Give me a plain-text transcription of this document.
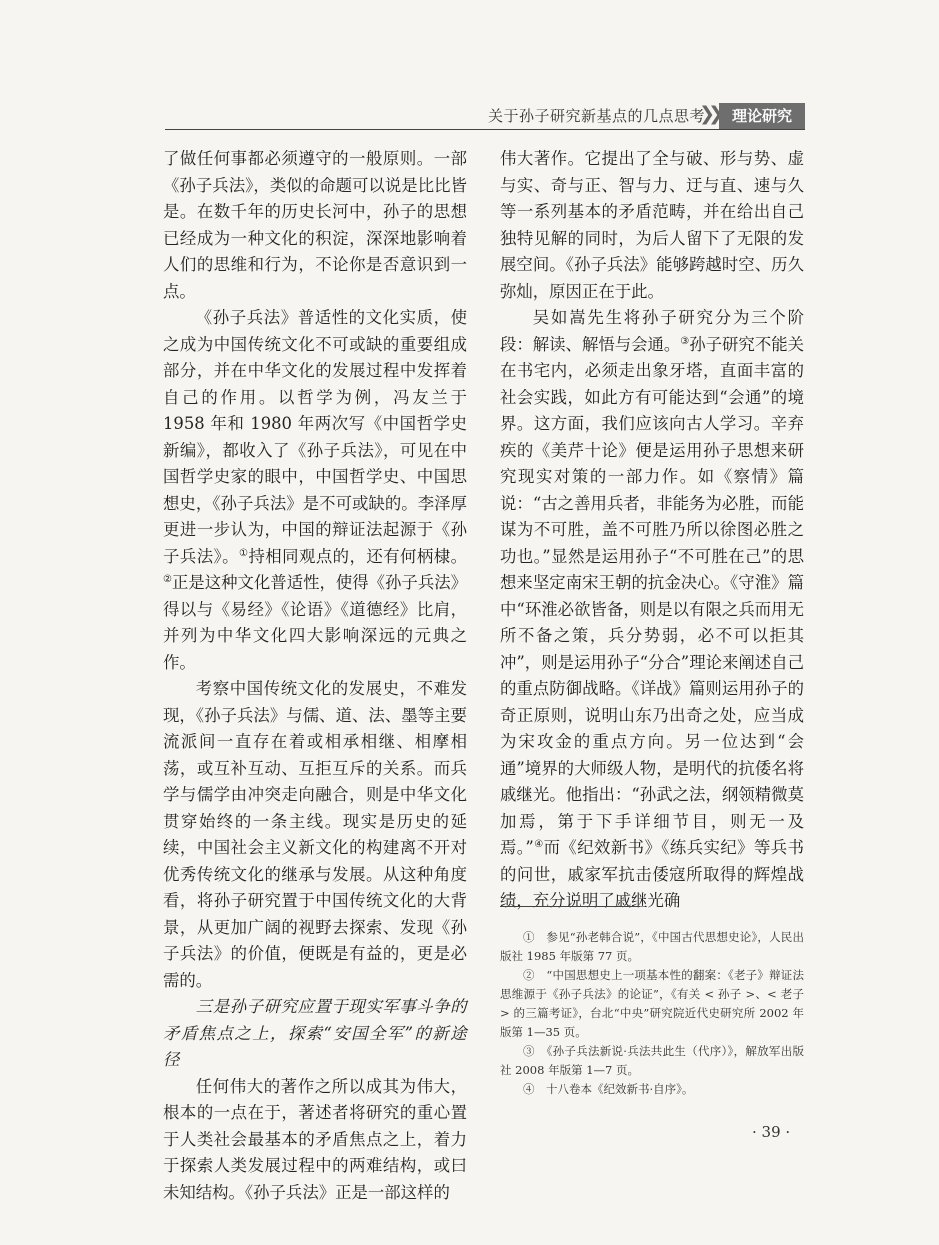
关于孙子研究新基点的几点思考
❯❯ 理论研究

了做任何事都必须遵守的一般原则。一部《孙子兵法》，类似的命题可以说是比比皆是。在数千年的历史长河中，孙子的思想已经成为一种文化的积淀，深深地影响着人们的思维和行为，不论你是否意识到一点。

《孙子兵法》普适性的文化实质，使之成为中国传统文化不可或缺的重要组成部分，并在中华文化的发展过程中发挥着自己的作用。以哲学为例，冯友兰于 1958 年和 1980 年两次写《中国哲学史新编》，都收入了《孙子兵法》，可见在中国哲学史家的眼中，中国哲学史、中国思想史，《孙子兵法》是不可或缺的。李泽厚更进一步认为，中国的辩证法起源于《孙子兵法》。①持相同观点的，还有何柄棣。②正是这种文化普适性，使得《孙子兵法》得以与《易经》《论语》《道德经》比肩，并列为中华文化四大影响深远的元典之作。

考察中国传统文化的发展史，不难发现，《孙子兵法》与儒、道、法、墨等主要流派间一直存在着或相承相继、相摩相荡，或互补互动、互拒互斥的关系。而兵学与儒学由冲突走向融合，则是中华文化贯穿始终的一条主线。现实是历史的延续，中国社会主义新文化的构建离不开对优秀传统文化的继承与发展。从这种角度看，将孙子研究置于中国传统文化的大背景，从更加广阔的视野去探索、发现《孙子兵法》的价值，便既是有益的，更是必需的。

三是孙子研究应置于现实军事斗争的矛盾焦点之上，探索“安国全军”的新途径

任何伟大的著作之所以成其为伟大，根本的一点在于，著述者将研究的重心置于人类社会最基本的矛盾焦点之上，着力于探索人类发展过程中的两难结构，或曰未知结构。《孙子兵法》正是一部这样的

伟大著作。它提出了全与破、形与势、虚与实、奇与正、智与力、迂与直、速与久等一系列基本的矛盾范畴，并在给出自己独特见解的同时，为后人留下了无限的发展空间。《孙子兵法》能够跨越时空、历久弥灿，原因正在于此。

吴如嵩先生将孙子研究分为三个阶段：解读、解悟与会通。③孙子研究不能关在书宅内，必须走出象牙塔，直面丰富的社会实践，如此方有可能达到“会通”的境界。这方面，我们应该向古人学习。辛弃疾的《美芹十论》便是运用孙子思想来研究现实对策的一部力作。如《察情》篇说：“古之善用兵者，非能务为必胜，而能谋为不可胜，盖不可胜乃所以徐图必胜之功也。”显然是运用孙子“不可胜在己”的思想来坚定南宋王朝的抗金决心。《守淮》篇中“环淮必欲皆备，则是以有限之兵而用无所不备之策，兵分势弱，必不可以拒其冲”，则是运用孙子“分合”理论来阐述自己的重点防御战略。《详战》篇则运用孙子的奇正原则，说明山东乃出奇之处，应当成为宋攻金的重点方向。另一位达到“会通”境界的大师级人物，是明代的抗倭名将戚继光。他指出：“孙武之法，纲领精微莫加焉，第于下手详细节目，则无一及焉。”④而《纪效新书》《练兵实纪》等兵书的问世，戚家军抗击倭寇所取得的辉煌战绩，充分说明了戚继光确

①　参见“孙老韩合说”，《中国古代思想史论》，人民出版社 1985 年版第 77 页。

②　“中国思想史上一项基本性的翻案：《老子》辩证法思维源于《孙子兵法》的论证”，《有关 < 孙子 >、< 老子 > 的三篇考证》，台北“中央”研究院近代史研究所 2002 年版第 1—35 页。

③　《孙子兵法新说·兵法共此生（代序）》，解放军出版社 2008 年版第 1—7 页。

④　十八卷本《纪效新书·自序》。

· 39 ·
